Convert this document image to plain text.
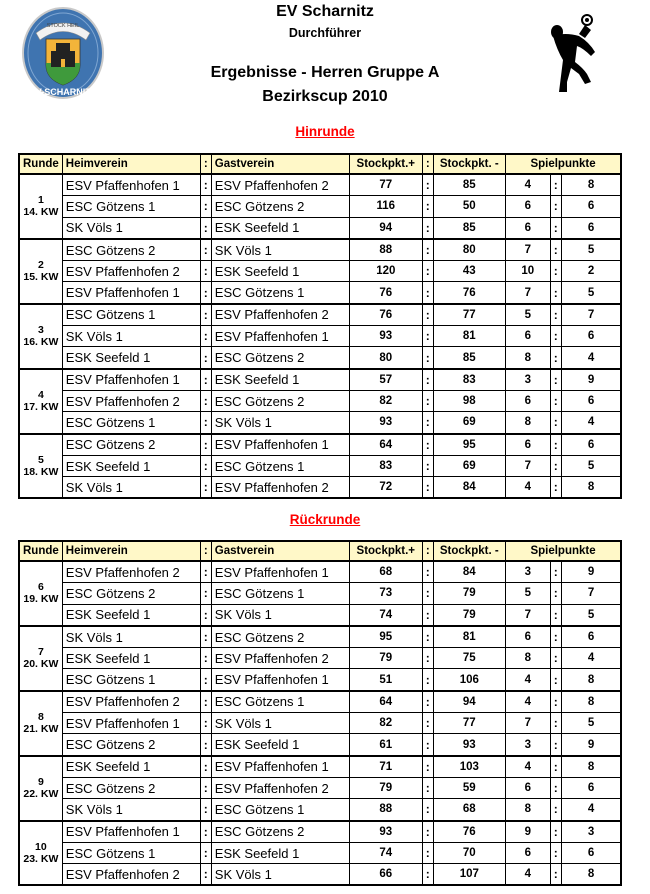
STOCK HEIL
EV-SCHARNITZ
EV Scharnitz
Durchführer
Ergebnisse - Herren Gruppe A
Bezirkscup 2010
Hinrunde
Runde	Heimverein	:	Gastverein	Stockpkt.+	:	Stockpkt. -	Spielpunkte		

1
14. KW	ESV Pfaffenhofen 1	:	ESV Pfaffenhofen 2	77	:	85	4	:	8
	ESC Götzens 1	:	ESC Götzens 2	116	:	50	6	:	6
	SK Völs 1	:	ESK Seefeld 1	94	:	85	6	:	6

2
15. KW	ESC Götzens 2	:	SK Völs 1	88	:	80	7	:	5
	ESV Pfaffenhofen 2	:	ESK Seefeld 1	120	:	43	10	:	2
	ESV Pfaffenhofen 1	:	ESC Götzens 1	76	:	76	7	:	5

3
16. KW	ESC Götzens 1	:	ESV Pfaffenhofen 2	76	:	77	5	:	7
	SK Völs 1	:	ESV Pfaffenhofen 1	93	:	81	6	:	6
	ESK Seefeld 1	:	ESC Götzens 2	80	:	85	8	:	4

4
17. KW	ESV Pfaffenhofen 1	:	ESK Seefeld 1	57	:	83	3	:	9
	ESV Pfaffenhofen 2	:	ESC Götzens 2	82	:	98	6	:	6
	ESC Götzens 1	:	SK Völs 1	93	:	69	8	:	4

5
18. KW	ESC Götzens 2	:	ESV Pfaffenhofen 1	64	:	95	6	:	6
	ESK Seefeld 1	:	ESC Götzens 1	83	:	69	7	:	5
	SK Völs 1	:	ESV Pfaffenhofen 2	72	:	84	4	:	8
Rückrunde
Runde	Heimverein	:	Gastverein	Stockpkt.+	:	Stockpkt. -	Spielpunkte		

6
19. KW	ESV Pfaffenhofen 2	:	ESV Pfaffenhofen 1	68	:	84	3	:	9
	ESC Götzens 2	:	ESC Götzens 1	73	:	79	5	:	7
	ESK Seefeld 1	:	SK Völs 1	74	:	79	7	:	5

7
20. KW	SK Völs 1	:	ESC Götzens 2	95	:	81	6	:	6
	ESK Seefeld 1	:	ESV Pfaffenhofen 2	79	:	75	8	:	4
	ESC Götzens 1	:	ESV Pfaffenhofen 1	51	:	106	4	:	8

8
21. KW	ESV Pfaffenhofen 2	:	ESC Götzens 1	64	:	94	4	:	8
	ESV Pfaffenhofen 1	:	SK Völs 1	82	:	77	7	:	5
	ESC Götzens 2	:	ESK Seefeld 1	61	:	93	3	:	9

9
22. KW	ESK Seefeld 1	:	ESV Pfaffenhofen 1	71	:	103	4	:	8
	ESC Götzens 2	:	ESV Pfaffenhofen 2	79	:	59	6	:	6
	SK Völs 1	:	ESC Götzens 1	88	:	68	8	:	4

10
23. KW	ESV Pfaffenhofen 1	:	ESC Götzens 2	93	:	76	9	:	3
	ESC Götzens 1	:	ESK Seefeld 1	74	:	70	6	:	6
	ESV Pfaffenhofen 2	:	SK Völs 1	66	:	107	4	:	8
